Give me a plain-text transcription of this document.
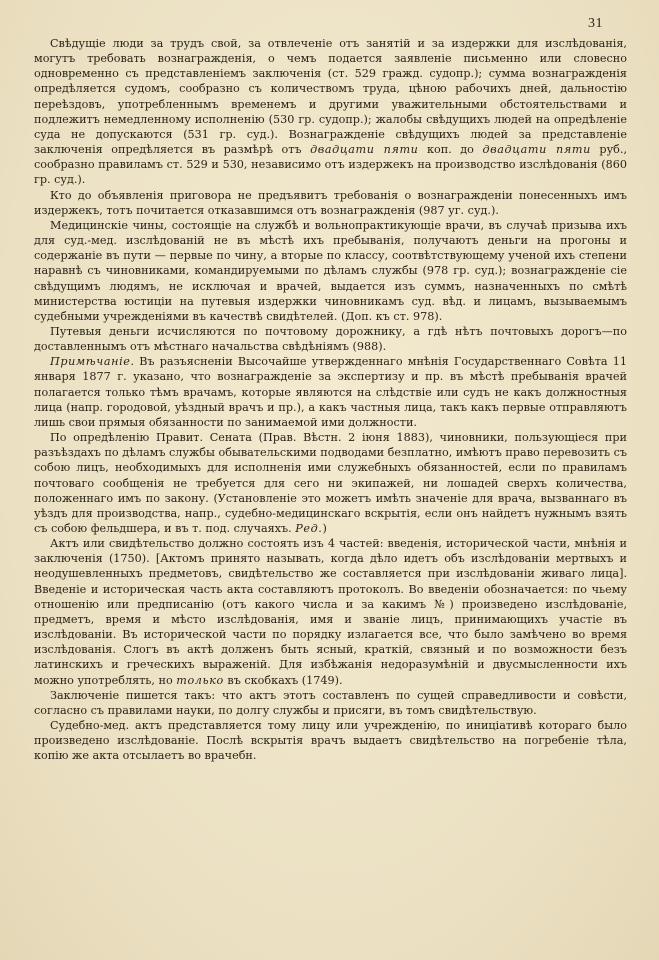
31

Свѣдущіе люди за трудъ свой, за отвлеченіе отъ занятій и за издержки для изслѣдованія, могутъ требовать вознагражденія, о чемъ подается заявленіе письменно или словесно одновременно съ представленіемъ заключенія (ст. 529 гражд. судопр.); сумма вознагражденія опредѣляется судомъ, сообразно съ количествомъ труда, цѣною рабочихъ дней, дальностію переѣздовъ, употребленнымъ временемъ и другими уважительными обстоятельствами и подлежитъ немедленному исполненію (530 гр. судопр.); жалобы свѣдущихъ людей на опредѣленіе суда не допускаются (531 гр. суд.). Вознагражденіе свѣдущихъ людей за представленіе заключенія опредѣляется въ размѣрѣ отъ двадцати пяти коп. до двадцати пяти руб., сообразно правиламъ ст. 529 и 530, независимо отъ издержекъ на производство изслѣдованія (860 гр. суд.).

Кто до объявленія приговора не предъявитъ требованія о вознагражденіи понесенныхъ имъ издержекъ, тотъ почитается отказавшимся отъ вознагражденія (987 уг. суд.).

Медицинскіе чины, состоящіе на службѣ и вольнопрактикующіе врачи, въ случаѣ призыва ихъ для суд.-мед. изслѣдованій не въ мѣстѣ ихъ пребыванія, получаютъ деньги на прогоны и содержаніе въ пути — первые по чину, а вторые по классу, соотвѣтствующему ученой ихъ степени наравнѣ съ чиновниками, командируемыми по дѣламъ службы (978 гр. суд.); вознагражденіе сіе свѣдущимъ людямъ, не исключая и врачей, выдается изъ суммъ, назначенныхъ по смѣтѣ министерства юстиціи на путевыя издержки чиновникамъ суд. вѣд. и лицамъ, вызываемымъ судебными учрежденіями въ качествѣ свидѣтелей. (Доп. къ ст. 978).

Путевыя деньги исчисляются по почтовому дорожнику, а гдѣ нѣтъ почтовыхъ дорогъ—по доставленнымъ отъ мѣстнаго начальства свѣдѣніямъ (988).

Примѣчаніе. Въ разъясненіи Высочайше утвержденнаго мнѣнія Государственнаго Совѣта 11 января 1877 г. указано, что вознагражденіе за экспертизу и пр. въ мѣстѣ пребыванія врачей полагается только тѣмъ врачамъ, которые являются на слѣдствіе или судъ не какъ должностныя лица (напр. городовой, уѣздный врачъ и пр.), а какъ частныя лица, такъ какъ первые отправляютъ лишь свои прямыя обязанности по занимаемой ими должности.

По опредѣленію Правит. Сената (Прав. Вѣстн. 2 іюня 1883), чиновники, пользующіеся при разъѣздахъ по дѣламъ службы обывательскими подводами безплатно, имѣютъ право перевозить съ собою лицъ, необходимыхъ для исполненія ими служебныхъ обязанностей, если по правиламъ почтоваго сообщенія не требуется для сего ни экипажей, ни лошадей сверхъ количества, положеннаго имъ по закону. (Установленіе это можетъ имѣть значеніе для врача, вызваннаго въ уѣздъ для производства, напр., судебно-медицинскаго вскрытія, если онъ найдетъ нужнымъ взять съ собою фельдшера, и въ т. под. случаяхъ. Ред.)

Актъ или свидѣтельство должно состоять изъ 4 частей: введенія, исторической части, мнѣнія и заключенія (1750). [Актомъ принято называть, когда дѣло идетъ объ изслѣдованіи мертвыхъ и неодушевленныхъ предметовъ, свидѣтельство же составляется при изслѣдованіи живаго лица]. Введеніе и историческая часть акта составляютъ протоколъ. Во введеніи обозначается: по чьему отношенію или предписанію (отъ какого числа и за какимъ №) произведено изслѣдованіе, предметъ, время и мѣсто изслѣдованія, имя и званіе лицъ, принимающихъ участіе въ изслѣдованіи. Въ исторической части по порядку излагается все, что было замѣчено во время изслѣдованія. Слогъ въ актѣ долженъ быть ясный, краткій, связный и по возможности безъ латинскихъ и греческихъ выраженій. Для избѣжанія недоразумѣній и двусмысленности ихъ можно употреблять, но только въ скобкахъ (1749).

Заключеніе пишется такъ: что актъ этотъ составленъ по сущей справедливости и совѣсти, согласно съ правилами науки, по долгу службы и присяги, въ томъ свидѣтельствую.

Судебно-мед. актъ представляется тому лицу или учрежденію, по иниціативѣ котораго было произведено изслѣдованіе. Послѣ вскрытія врачъ выдаетъ свидѣтельство на погребеніе тѣла, копію же акта отсылаетъ во врачебн.
